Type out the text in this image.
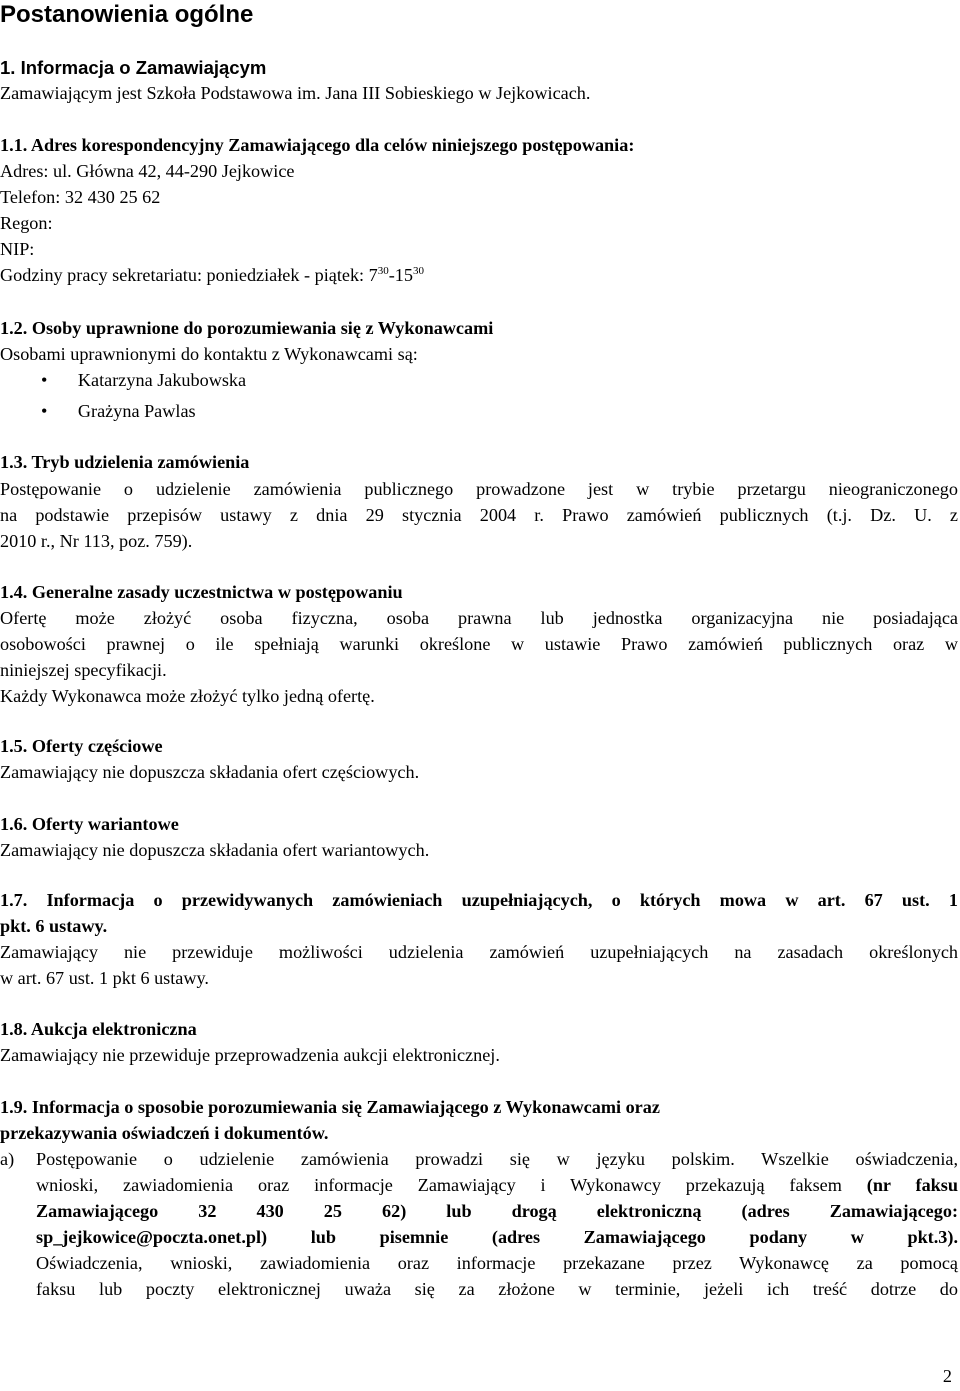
Postanowienia ogólne
1. Informacja o Zamawiającym
Zamawiającym jest Szkoła Podstawowa im. Jana III Sobieskiego w Jejkowicach.
1.1. Adres korespondencyjny Zamawiającego dla celów niniejszego postępowania:
Adres: ul. Główna 42, 44-290 Jejkowice
Telefon: 32 430 25 62
Regon:
NIP:
Godziny pracy sekretariatu: poniedziałek - piątek: $7^{30}-15^{30}$
1.2. Osoby uprawnione do porozumiewania się z Wykonawcami
Osobami uprawnionymi do kontaktu z Wykonawcami są:
• Katarzyna Jakubowska
• Grażyna Pawlas
1.3. Tryb udzielenia zamówienia
Postępowanie o udzielenie zamówienia publicznego prowadzone jest w trybie przetargu nieograniczonego
na podstawie przepisów ustawy z dnia 29 stycznia 2004 r. Prawo zamówień publicznych (t.j. Dz. U. z
2010 r., Nr 113, poz. 759).
1.4. Generalne zasady uczestnictwa w postępowaniu
Ofertę może złożyć osoba fizyczna, osoba prawna lub jednostka organizacyjna nie posiadająca
osobowości prawnej o ile spełniają warunki określone w ustawie Prawo zamówień publicznych oraz w
niniejszej specyfikacji.
Każdy Wykonawca może złożyć tylko jedną ofertę.
1.5. Oferty częściowe
Zamawiający nie dopuszcza składania ofert częściowych.
1.6. Oferty wariantowe
Zamawiający nie dopuszcza składania ofert wariantowych.
1.7. Informacja o przewidywanych zamówieniach uzupełniających, o których mowa w art. 67 ust. 1
pkt. 6 ustawy.
Zamawiający nie przewiduje możliwości udzielenia zamówień uzupełniających na zasadach określonych
w art. 67 ust. 1 pkt 6 ustawy.
1.8. Aukcja elektroniczna
Zamawiający nie przewiduje przeprowadzenia aukcji elektronicznej.
1.9. Informacja o sposobie porozumiewania się Zamawiającego z Wykonawcami oraz
przekazywania oświadczeń i dokumentów.
a) Postępowanie o udzielenie zamówienia prowadzi się w języku polskim. Wszelkie oświadczenia,
wnioski, zawiadomienia oraz informacje Zamawiający i Wykonawcy przekazują faksem (nr faksu
Zamawiającego 32 430 25 62) lub drogą elektroniczną (adres Zamawiającego:
sp_jejkowice@poczta.onet.pl) lub pisemnie (adres Zamawiającego podany w pkt.3).
Oświadczenia, wnioski, zawiadomienia oraz informacje przekazane przez Wykonawcę za pomocą
faksu lub poczty elektronicznej uważa się za złożone w terminie, jeżeli ich treść dotrze do
2
